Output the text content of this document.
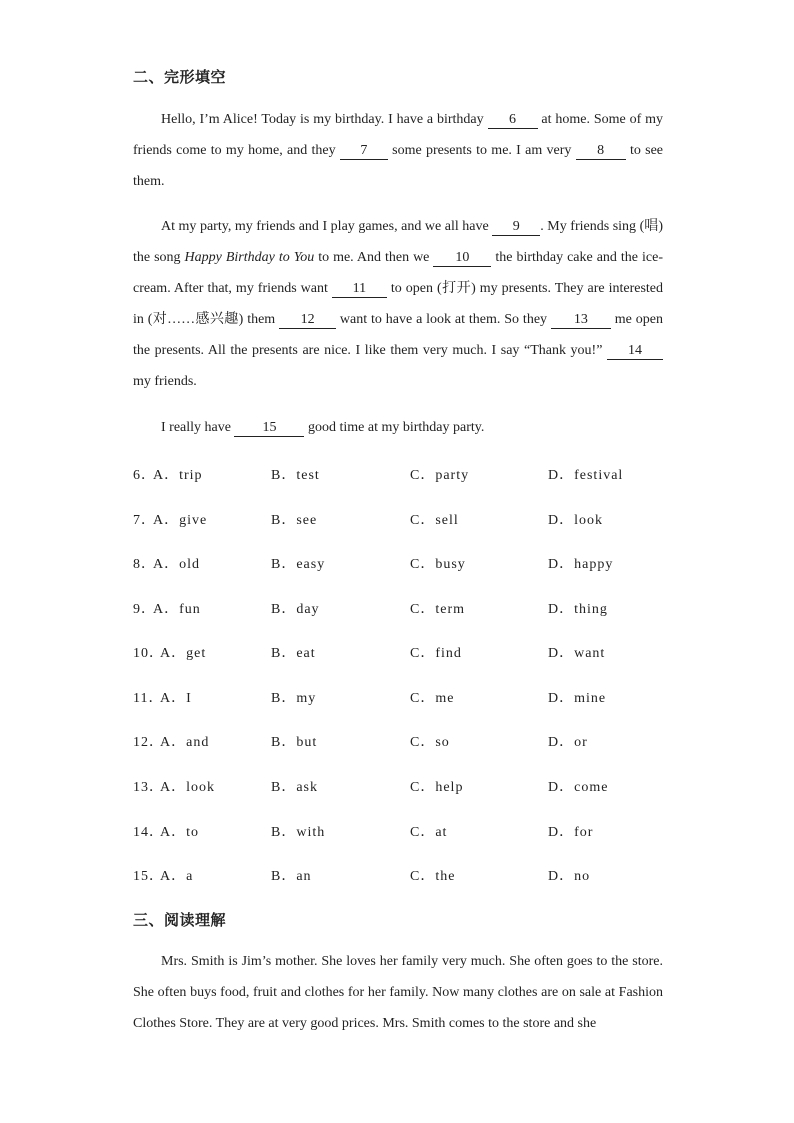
二、完形填空

Hello, I’m Alice! Today is my birthday. I have a birthday 6 at home. Some of my friends come to my home, and they 7 some presents to me. I am very 8 to see them.

At my party, my friends and I play games, and we all have 9 . My friends sing (唱) the song Happy Birthday to You to me. And then we 10 the birthday cake and the ice-cream. After that, my friends want 11 to open (打开) my presents. They are interested in (对……感兴趣) them 12 want to have a look at them. So they 13 me open the presents. All the presents are nice. I like them very much. I say “Thank you!” 14 my friends.

I really have 15 good time at my birthday party.

6．
A．trip	B．test	C．party	D．festival
7．
A．give	B．see	C．sell	D．look
8．
A．old	B．easy	C．busy	D．happy
9．
A．fun	B．day	C．term	D．thing
10．
A．get	B．eat	C．find	D．want
11．
A．I	B．my	C．me	D．mine
12．
A．and	B．but	C．so	D．or
13．
A．look	B．ask	C．help	D．come
14．
A．to	B．with	C．at	D．for
15．
A．a	B．an	C．the	D．no
三、阅读理解

Mrs. Smith is Jim’s mother. She loves her family very much. She often goes to the store. She often buys food, fruit and clothes for her family. Now many clothes are on sale at Fashion Clothes Store. They are at very good prices. Mrs. Smith comes to the store and she
